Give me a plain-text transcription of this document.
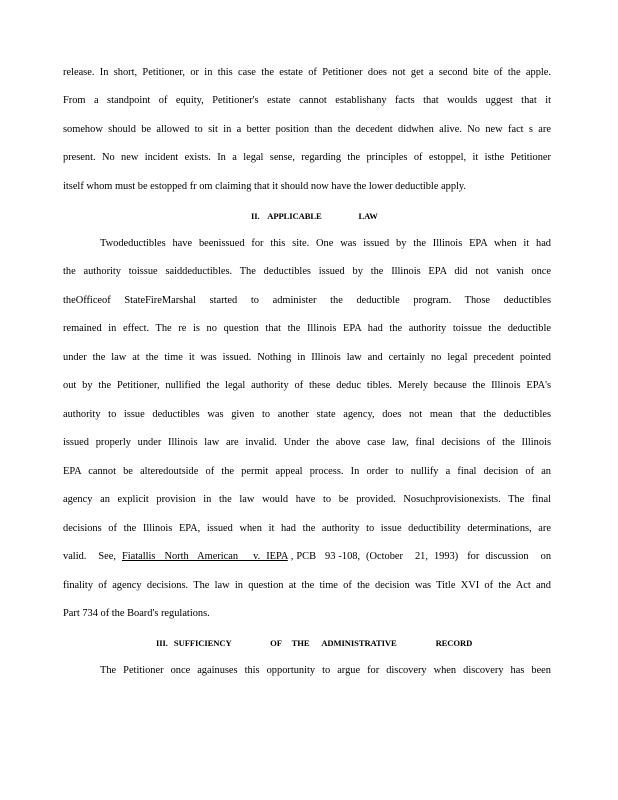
release. In short, Petitioner, or in this case the estate of Petitioner does not get a second bite of the apple.
From a standpoint of equity, Petitioner's estate cannot establishany facts that woulds uggest that it
somehow should be allowed to sit in a better position than the decedent didwhen alive. No new fact s are
present. No new incident exists. In a legal sense, regarding the principles of estoppel, it isthe Petitioner
itself whom must be estopped fr om claiming that it should now have the lower deductible apply.
II.    APPLICABLE                  LAW
Twodeductibles have beenissued for this site. One was issued by the Illinois EPA when it had
the authority toissue saiddeductibles. The deductibles issued by the Illinois EPA did not vanish once
theOfficeof StateFireMarshal started to administer the deductible program. Those deductibles
remained in effect. The re is no question that the Illinois EPA had the authority toissue the deductible
under the law at the time it was issued. Nothing in Illinois law and certainly no legal precedent pointed
out by the Petitioner, nullified the legal authority of these deduc tibles. Merely because the Illinois EPA's
authority to issue deductibles was given to another state agency, does not mean that the deductibles
issued properly under Illinois law are invalid. Under the above case law, final decisions of the Illinois
EPA cannot be alteredoutside of the permit appeal process. In order to nullify a final decision of an
agency an explicit provision in the law would have to be provided. Nosuchprovisionexists. The final
decisions of the Illinois EPA, issued when it had the authority to issue deductibility determinations, are
valid.    See,  Fiatallis   North   American     v.  IEPA , PCB   93 -108,  (October    21,  1993)   for  discussion    on
finality of agency decisions. The law in question at the time of the decision was Title XVI of the Act and
Part 734 of the Board's regulations.
III.   SUFFICIENCY                   OF     THE      ADMINISTRATIVE                   RECORD
The Petitioner once againuses this opportunity to argue for discovery when discovery has been
